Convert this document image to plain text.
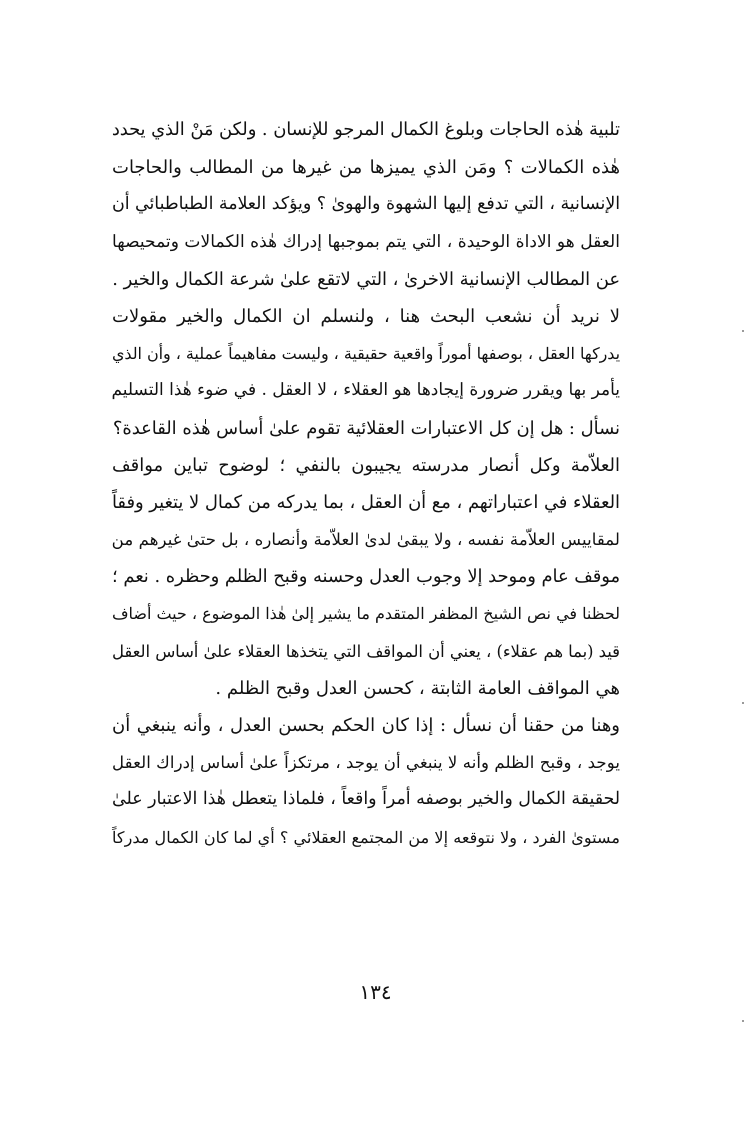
تلبية هٰذه الحاجات وبلوغ الكمال المرجو للإنسان . ولكن مَنْ الذي يحدد
هٰذه الكمالات ؟ ومَن الذي يميزها من غيرها من المطالب والحاجات
الإنسانية ، التي تدفع إليها الشهوة والهوىٰ ؟ ويؤكد العلامة الطباطبائي أن
العقل هو الاداة الوحيدة ، التي يتم بموجبها إدراك هٰذه الكمالات وتمحيصها
عن المطالب الإنسانية الاخرىٰ ، التي لاتقع علىٰ شرعة الكمال والخير .
لا نريد أن نشعب البحث هنا ، ولنسلم ان الكمال والخير مقولات
يدركها العقل ، بوصفها أموراً واقعية حقيقية ، وليست مفاهيماً عملية ، وأن الذي
يأمر بها ويقرر ضرورة إيجادها هو العقلاء ، لا العقل . في ضوء هٰذا التسليم
نسأل : هل إن كل الاعتبارات العقلائية تقوم علىٰ أساس هٰذه القاعدة؟
العلاّمة وكل أنصار مدرسته يجيبون بالنفي ؛ لوضوح تباين مواقف
العقلاء في اعتباراتهم ، مع أن العقل ، بما يدركه من كمال لا يتغير وفقاً
لمقاييس العلاّمة نفسه ، ولا يبقىٰ لدىٰ العلاّمة وأنصاره ، بل حتىٰ غيرهم من
موقف عام وموحد إلا وجوب العدل وحسنه وقبح الظلم وحظره . نعم ؛
لحظنا في نص الشيخ المظفر المتقدم ما يشير إلىٰ هٰذا الموضوع ، حيث أضاف
قيد (بما هم عقلاء) ، يعني أن المواقف التي يتخذها العقلاء علىٰ أساس العقل
هي المواقف العامة الثابتة ، كحسن العدل وقبح الظلم .
وهنا من حقنا أن نسأل : إذا كان الحكم بحسن العدل ، وأنه ينبغي أن
يوجد ، وقبح الظلم وأنه لا ينبغي أن يوجد ، مرتكزاً علىٰ أساس إدراك العقل
لحقيقة الكمال والخير بوصفه أمراً واقعاً ، فلماذا يتعطل هٰذا الاعتبار علىٰ
مستوىٰ الفرد ، ولا نتوقعه إلا من المجتمع العقلائي ؟ أي لما كان الكمال مدركاً
١٣٤
